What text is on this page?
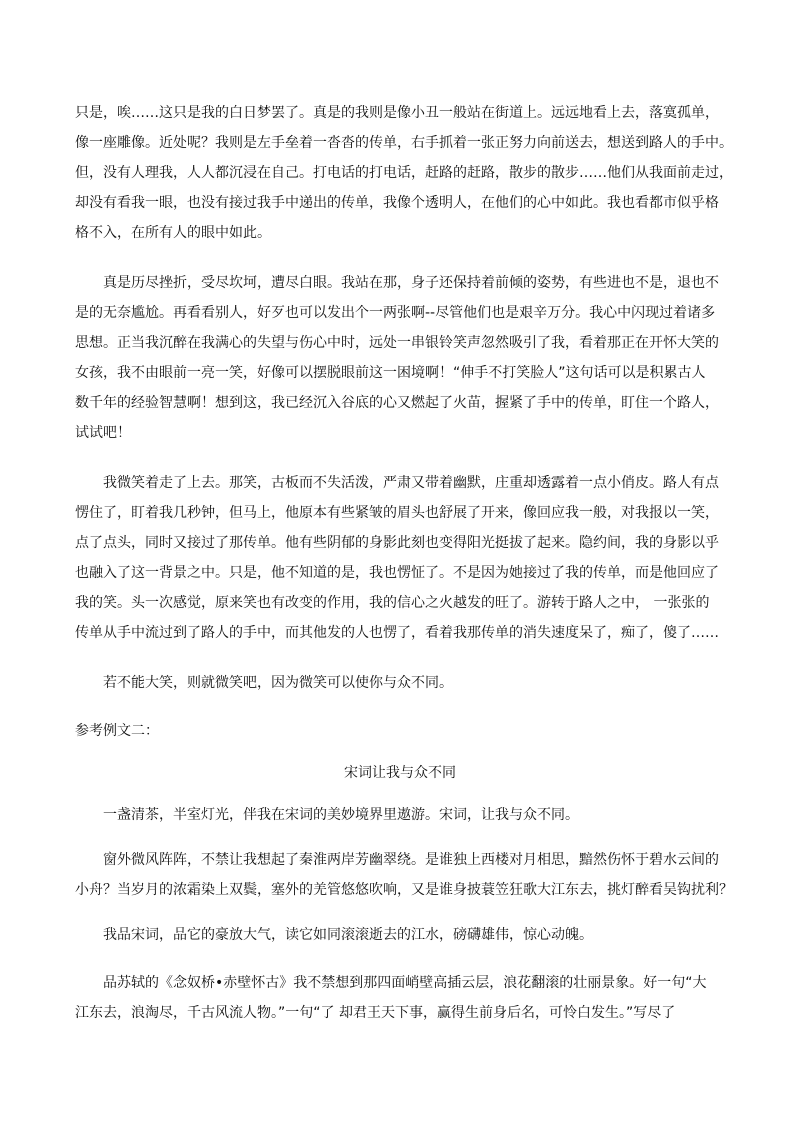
只是，唉……这只是我的白日梦罢了。真是的我则是像小丑一般站在街道上。远远地看上去，落寞孤单，
像一座雕像。近处呢？我则是左手垒着一沓沓的传单，右手抓着一张正努力向前送去，想送到路人的手中。
但，没有人理我，人人都沉浸在自己。打电话的打电话，赶路的赶路，散步的散步……他们从我面前走过，
却没有看我一眼，也没有接过我手中递出的传单，我像个透明人，在他们的心中如此。我也看都市似乎格
格不入，在所有人的眼中如此。
真是历尽挫折，受尽坎坷，遭尽白眼。我站在那，身子还保持着前倾的姿势，有些进也不是，退也不
是的无奈尴尬。再看看别人，好歹也可以发出个一两张啊--尽管他们也是艰辛万分。我心中闪现过着诸多
思想。正当我沉醉在我满心的失望与伤心中时，远处一串银铃笑声忽然吸引了我，看着那正在开怀大笑的
女孩，我不由眼前一亮一笑，好像可以摆脱眼前这一困境啊！“伸手不打笑脸人”这句话可以是积累古人
数千年的经验智慧啊！想到这，我已经沉入谷底的心又燃起了火苗，握紧了手中的传单，盯住一个路人，
试试吧！
我微笑着走了上去。那笑，古板而不失活泼，严肃又带着幽默，庄重却透露着一点小俏皮。路人有点
愣住了，盯着我几秒钟，但马上，他原本有些紧皱的眉头也舒展了开来，像回应我一般，对我报以一笑，
点了点头，同时又接过了那传单。他有些阴郁的身影此刻也变得阳光挺拔了起来。隐约间，我的身影以乎
也融入了这一背景之中。只是，他不知道的是，我也愣怔了。不是因为她接过了我的传单，而是他回应了
我的笑。头一次感觉，原来笑也有改变的作用，我的信心之火越发的旺了。游转于路人之中， 一张张的
传单从手中流过到了路人的手中，而其他发的人也愣了，看着我那传单的消失速度呆了，痴了，傻了……
若不能大笑，则就微笑吧，因为微笑可以使你与众不同。
参考例文二：
宋词让我与众不同
一盏清茶，半室灯光，伴我在宋词的美妙境界里遨游。宋词，让我与众不同。
窗外微风阵阵，不禁让我想起了秦淮两岸芳幽翠绕。是谁独上西楼对月相思，黯然伤怀于碧水云间的
小舟？当岁月的浓霜染上双鬓，塞外的羌管悠悠吹响，又是谁身披蓑笠狂歌大江东去，挑灯醉看吴钩扰利？
我品宋词，品它的豪放大气，读它如同滚滚逝去的江水，磅礴雄伟，惊心动魄。
品苏轼的《念奴桥•赤壁怀古》我不禁想到那四面峭壁高插云层，浪花翻滚的壮丽景象。好一句“大
江东去，浪淘尽，千古风流人物。”一句“了 却君王天下事，赢得生前身后名，可怜白发生。”写尽了
